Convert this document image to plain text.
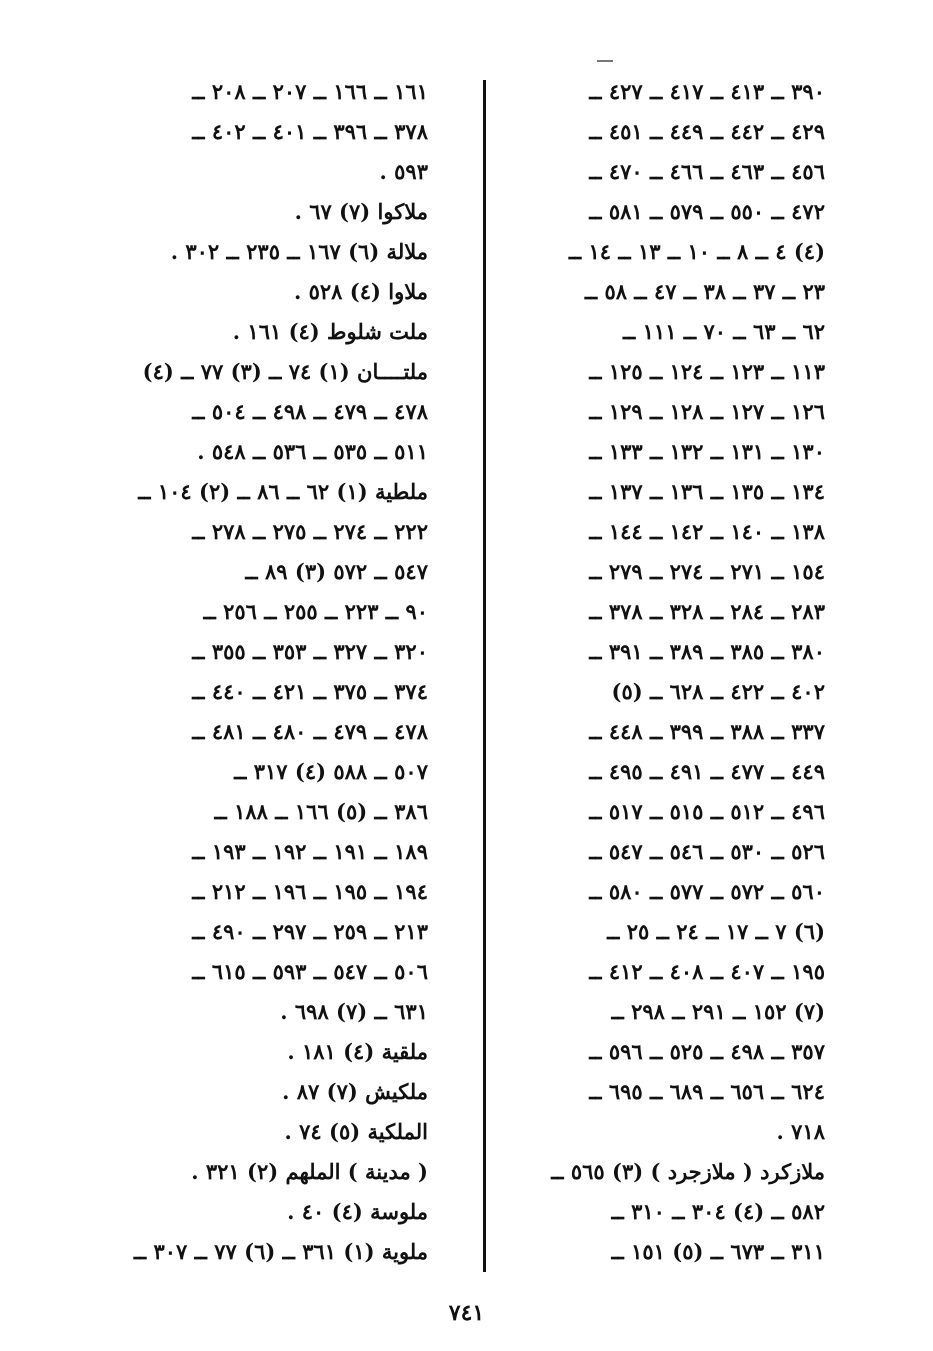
٣٩٠ ــ ٤١٣ ــ ٤١٧ ــ ٤٢٧ ــ
٤٢٩ ــ ٤٤٢ ــ ٤٤٩ ــ ٤٥١ ــ
٤٥٦ ــ ٤٦٣ ــ ٤٦٦ ــ ٤٧٠ ــ
٤٧٢ ــ ٥٥٠ ــ ٥٧٩ ــ ٥٨١ ــ
(٤) ٤ ــ ٨ ــ ١٠ ــ ١٣ ــ ١٤ ــ
٢٣ ــ ٣٧ ــ ٣٨ ــ ٤٧ ــ ٥٨ ــ
٦٢ ــ ٦٣ ــ ٧٠ ــ ١١١ ــ
١١٣ ــ ١٢٣ ــ ١٢٤ ــ ١٢٥ ــ
١٢٦ ــ ١٢٧ ــ ١٢٨ ــ ١٢٩ ــ
١٣٠ ــ ١٣١ ــ ١٣٢ ــ ١٣٣ ــ
١٣٤ ــ ١٣٥ ــ ١٣٦ ــ ١٣٧ ــ
١٣٨ ــ ١٤٠ ــ ١٤٢ ــ ١٤٤ ــ
١٥٤ ــ ٢٧١ ــ ٢٧٤ ــ ٢٧٩ ــ
٢٨٣ ــ ٢٨٤ ــ ٣٢٨ ــ ٣٧٨ ــ
٣٨٠ ــ ٣٨٥ ــ ٣٨٩ ــ ٣٩١ ــ
٤٠٢ ــ ٤٢٢ ــ ٦٢٨ ــ (٥)
٣٣٧ ــ ٣٨٨ ــ ٣٩٩ ــ ٤٤٨ ــ
٤٤٩ ــ ٤٧٧ ــ ٤٩١ ــ ٤٩٥ ــ
٤٩٦ ــ ٥١٢ ــ ٥١٥ ــ ٥١٧ ــ
٥٢٦ ــ ٥٣٠ ــ ٥٤٦ ــ ٥٤٧ ــ
٥٦٠ ــ ٥٧٢ ــ ٥٧٧ ــ ٥٨٠ ــ
(٦) ٧ ــ ١٧ ــ ٢٤ ــ ٢٥ ــ
١٩٥ ــ ٤٠٧ ــ ٤٠٨ ــ ٤١٢ ــ
(٧) ١٥٢ ــ ٢٩١ ــ ٢٩٨ ــ
٣٥٧ ــ ٤٩٨ ــ ٥٢٥ ــ ٥٩٦ ــ
٦٢٤ ــ ٦٥٦ ــ ٦٨٩ ــ ٦٩٥ ــ
٧١٨ .
ملازكرد ( ملازجرد ) (٣) ٥٦٥ ــ
٥٨٢ ــ (٤) ٣٠٤ ــ ٣١٠ ــ
٣١١ ــ ٦٧٣ ــ (٥) ١٥١ ــ
١٦١ ــ ١٦٦ ــ ٢٠٧ ــ ٢٠٨ ــ
٣٧٨ ــ ٣٩٦ ــ ٤٠١ ــ ٤٠٢ ــ
٥٩٣ .
ملاكوا (٧) ٦٧ .
ملالة (٦) ١٦٧ ــ ٢٣٥ ــ ٣٠٢ .
ملاوا (٤) ٥٢٨ .
ملت شلوط (٤) ١٦١ .
ملتــــان (١) ٧٤ ــ (٣) ٧٧ ــ (٤)
٤٧٨ ــ ٤٧٩ ــ ٤٩٨ ــ ٥٠٤ ــ
٥١١ ــ ٥٣٥ ــ ٥٣٦ ــ ٥٤٨ .
ملطية (١) ٦٢ ــ ٨٦ ــ (٢) ١٠٤ ــ
٢٢٢ ــ ٢٧٤ ــ ٢٧٥ ــ ٢٧٨ ــ
٥٤٧ ــ ٥٧٢ (٣) ٨٩ ــ
٩٠ ــ ٢٢٣ ــ ٢٥٥ ــ ٢٥٦ ــ
٣٢٠ ــ ٣٢٧ ــ ٣٥٣ ــ ٣٥٥ ــ
٣٧٤ ــ ٣٧٥ ــ ٤٢١ ــ ٤٤٠ ــ
٤٧٨ ــ ٤٧٩ ــ ٤٨٠ ــ ٤٨١ ــ
٥٠٧ ــ ٥٨٨ (٤) ٣١٧ ــ
٣٨٦ ــ (٥) ١٦٦ ــ ١٨٨ ــ
١٨٩ ــ ١٩١ ــ ١٩٢ ــ ١٩٣ ــ
١٩٤ ــ ١٩٥ ــ ١٩٦ ــ ٢١٢ ــ
٢١٣ ــ ٢٥٩ ــ ٢٩٧ ــ ٤٩٠ ــ
٥٠٦ ــ ٥٤٧ ــ ٥٩٣ ــ ٦١٥ ــ
٦٣١ ــ (٧) ٦٩٨ .
ملقية (٤) ١٨١ .
ملكيش (٧) ٨٧ .
الملكية (٥) ٧٤ .
( مدينة ) الملهم (٢) ٣٢١ .
ملوسة (٤) ٤٠ .
ملوية (١) ٣٦١ ــ (٦) ٧٧ ــ ٣٠٧ ــ
٧٤١
